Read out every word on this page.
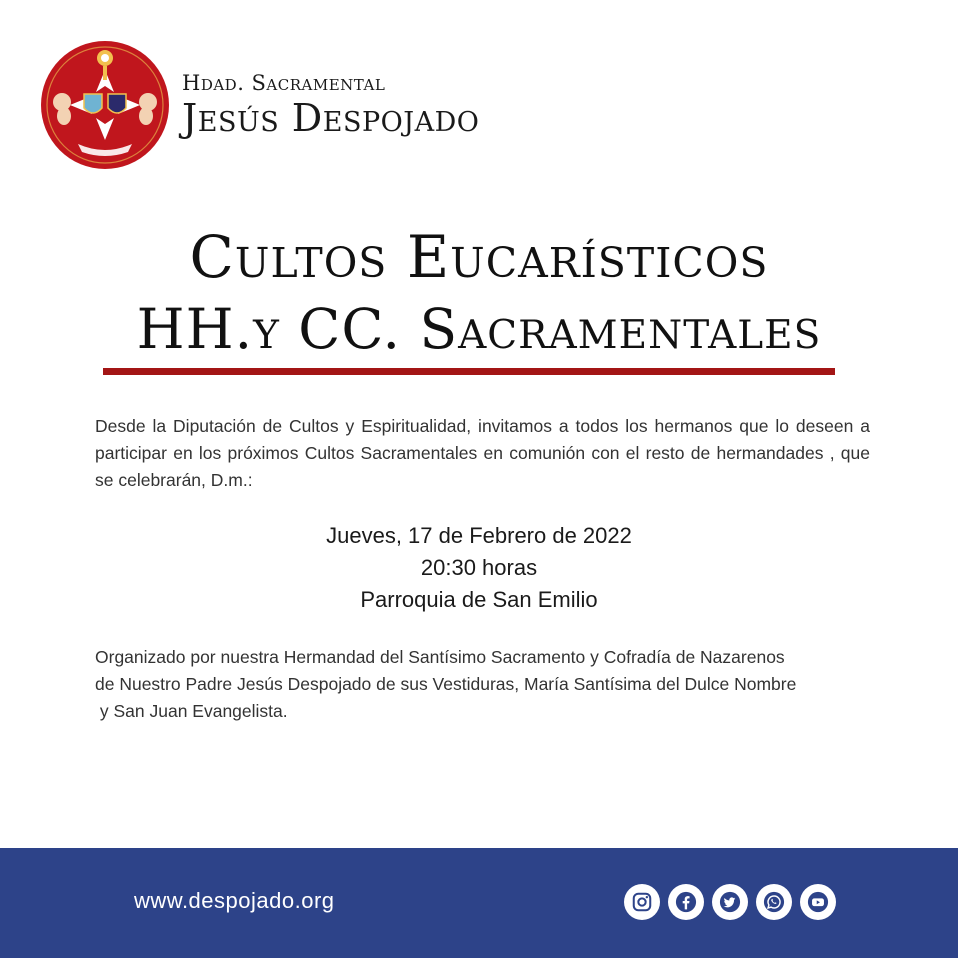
Hdad. Sacramental
Jesús Despojado
Cultos Eucarísticos
HH.y CC. Sacramentales
Desde la Diputación de Cultos y Espiritualidad, invitamos a todos los hermanos que lo deseen a participar en los próximos Cultos Sacramentales en comunión con el resto de hermandades , que se celebrarán, D.m.:
Jueves, 17 de Febrero de 2022
20:30 horas
Parroquia de San Emilio
Organizado por nuestra Hermandad del Santísimo Sacramento y Cofradía de Nazarenos
de Nuestro Padre Jesús Despojado de sus Vestiduras, María Santísima del Dulce Nombre
y San Juan Evangelista.
www.despojado.org
